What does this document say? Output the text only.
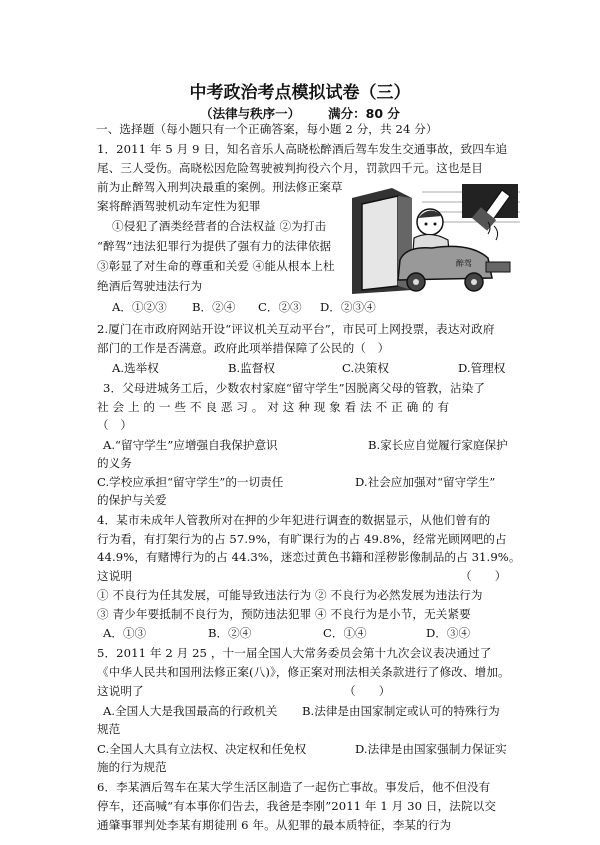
中考政治考点模拟试卷（三）
（法律与秩序一） 满分：80 分
一、选择题（每小题只有一个正确答案，每小题 2 分，共 24 分）
1．2011 年 5 月 9 日，知名音乐人高晓松醉酒后驾车发生交通事故，致四车追
尾、三人受伤。高晓松因危险驾驶被判拘役六个月，罚款四千元。这也是目
前为止醉驾入刑判决最重的案例。刑法修正案草
案将醉酒驾驶机动车定性为犯罪
①侵犯了酒类经营者的合法权益 ②为打击
“醉驾”违法犯罪行为提供了强有力的法律依据
③彰显了对生命的尊重和关爱 ④能从根本上杜
绝酒后驾驶违法行为
A．①②③ B．②④ C．②③ D．②③④
醉驾
2.厦门在市政府网站开设“评议机关互动平台”，市民可上网投票，表达对政府
部门的工作是否满意。政府此项举措保障了公民的（　）
A.选举权	B.监督权	C.决策权	D.管理权
3．父母进城务工后，少数农村家庭“留守学生”因脱离父母的管教，沾染了
社 会 上 的 一 些 不 良 恶 习 。 对 这 种 现 象 看 法 不 正 确 的 有
（　）
A.“留守学生”应增强自我保护意识	B.家长应自觉履行家庭保护
的义务
C.学校应承担“留守学生”的一切责任	D.社会应加强对“留守学生”
的保护与关爱
4．某市未成年人管教所对在押的少年犯进行调查的数据显示，从他们曾有的
行为看，有打架行为的占 57.9%，有旷课行为的占 49.8%，经常光顾网吧的占
44.9%，有赌博行为的占 44.3%，迷恋过黄色书籍和淫秽影像制品的占 31.9%。
这说明	（　　）
① 不良行为任其发展，可能导致违法行为 ② 不良行为必然发展为违法行为
③ 青少年要抵制不良行为，预防违法犯罪 ④ 不良行为是小节，无关紧要
A．①③	B．②④	C．①④	D．③④
5．2011 年 2 月 25 ，十一届全国人大常务委员会第十九次会议表决通过了
《中华人民共和国刑法修正案(八)》，修正案对刑法相关条款进行了修改、增加。
这说明了	（　　）
A.全国人大是我国最高的行政机关 B.法律是由国家制定或认可的特殊行为
规范
C.全国人大具有立法权、决定权和任免权	D.法律是由国家强制力保证实
施的行为规范
6．李某酒后驾车在某大学生活区制造了一起伤亡事故。事发后，他不但没有
停车，还高喊“有本事你们告去，我爸是李刚”2011 年 1 月 30 日，法院以交
通肇事罪判处李某有期徒刑 6 年。从犯罪的最本质特征，李某的行为
